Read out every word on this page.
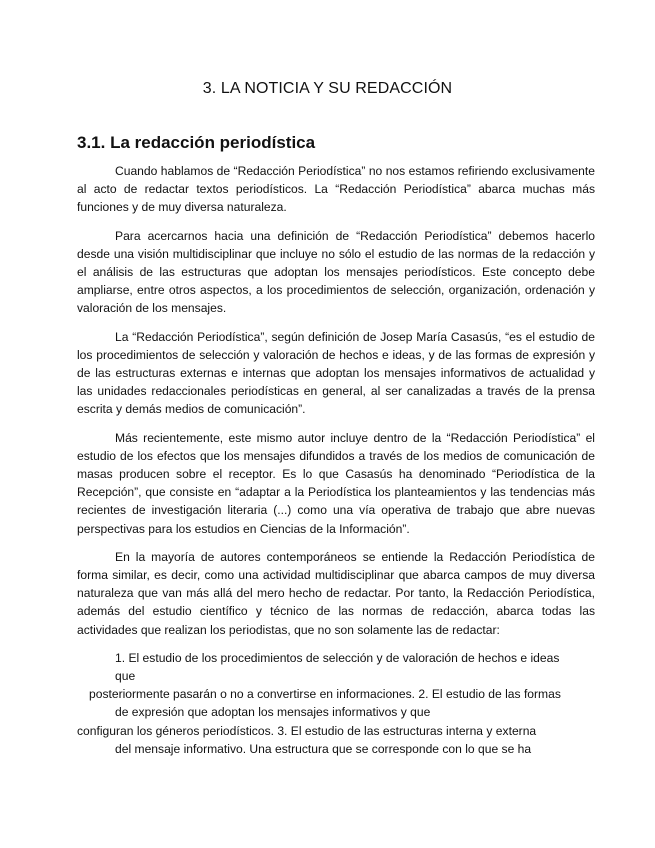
3. LA NOTICIA Y SU REDACCIÓN
3.1. La redacción periodística

Cuando hablamos de “Redacción Periodística” no nos estamos refiriendo exclusivamente al acto de redactar textos periodísticos. La “Redacción Periodística” abarca muchas más funciones y de muy diversa naturaleza.

Para acercarnos hacia una definición de “Redacción Periodística” debemos hacerlo desde una visión multidisciplinar que incluye no sólo el estudio de las normas de la redacción y el análisis de las estructuras que adoptan los mensajes periodísticos. Este concepto debe ampliarse, entre otros aspectos, a los procedimientos de selección, organización, ordenación y valoración de los mensajes.

La “Redacción Periodística”, según definición de Josep María Casasús, “es el estudio de los procedimientos de selección y valoración de hechos e ideas, y de las formas de expresión y de las estructuras externas e internas que adoptan los mensajes informativos de actualidad y las unidades redaccionales periodísticas en general, al ser canalizadas a través de la prensa escrita y demás medios de comunicación”.

Más recientemente, este mismo autor incluye dentro de la “Redacción Periodística” el estudio de los efectos que los mensajes difundidos a través de los medios de comunicación de masas producen sobre el receptor. Es lo que Casasús ha denominado “Periodística de la Recepción”, que consiste en “adaptar a la Periodística los planteamientos y las tendencias más recientes de investigación literaria (...) como una vía operativa de trabajo que abre nuevas perspectivas para los estudios en Ciencias de la Información”.

En la mayoría de autores contemporáneos se entiende la Redacción Periodística de forma similar, es decir, como una actividad multidisciplinar que abarca campos de muy diversa naturaleza que van más allá del mero hecho de redactar. Por tanto, la Redacción Periodística, además del estudio científico y técnico de las normas de redacción, abarca todas las actividades que realizan los periodistas, que no son solamente las de redactar:

1. El estudio de los procedimientos de selección y de valoración de hechos e ideas
que
posteriormente pasarán o no a convertirse en informaciones. 2. El estudio de las formas
de expresión que adoptan los mensajes informativos y que
configuran los géneros periodísticos. 3. El estudio de las estructuras interna y externa
del mensaje informativo. Una estructura que se corresponde con lo que se ha
